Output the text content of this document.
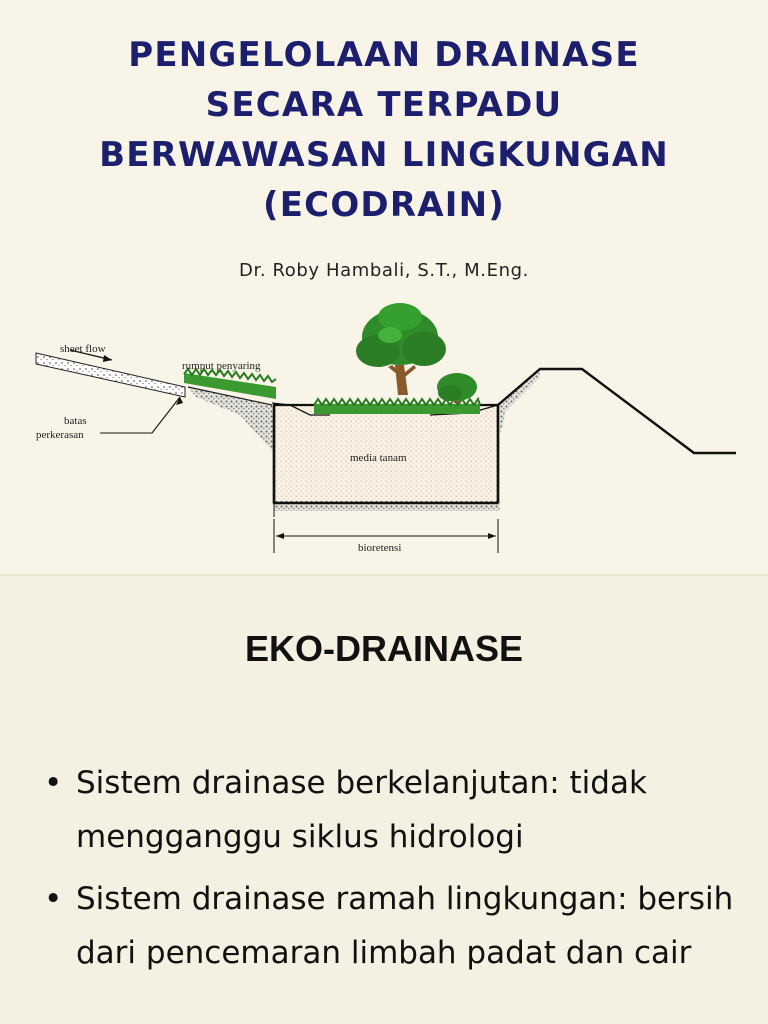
PENGELOLAAN DRAINASE
SECARA TERPADU
BERWAWASAN LINGKUNGAN
(ECODRAIN)
Dr. Roby Hambali, S.T., M.Eng.
sheet flow
rumput penyaring
batas
perkerasan
media tanam
bioretensi
EKO-DRAINASE
• Sistem drainase berkelanjutan: tidak mengganggu siklus hidrologi
• Sistem drainase ramah lingkungan: bersih dari pencemaran limbah padat dan cair
